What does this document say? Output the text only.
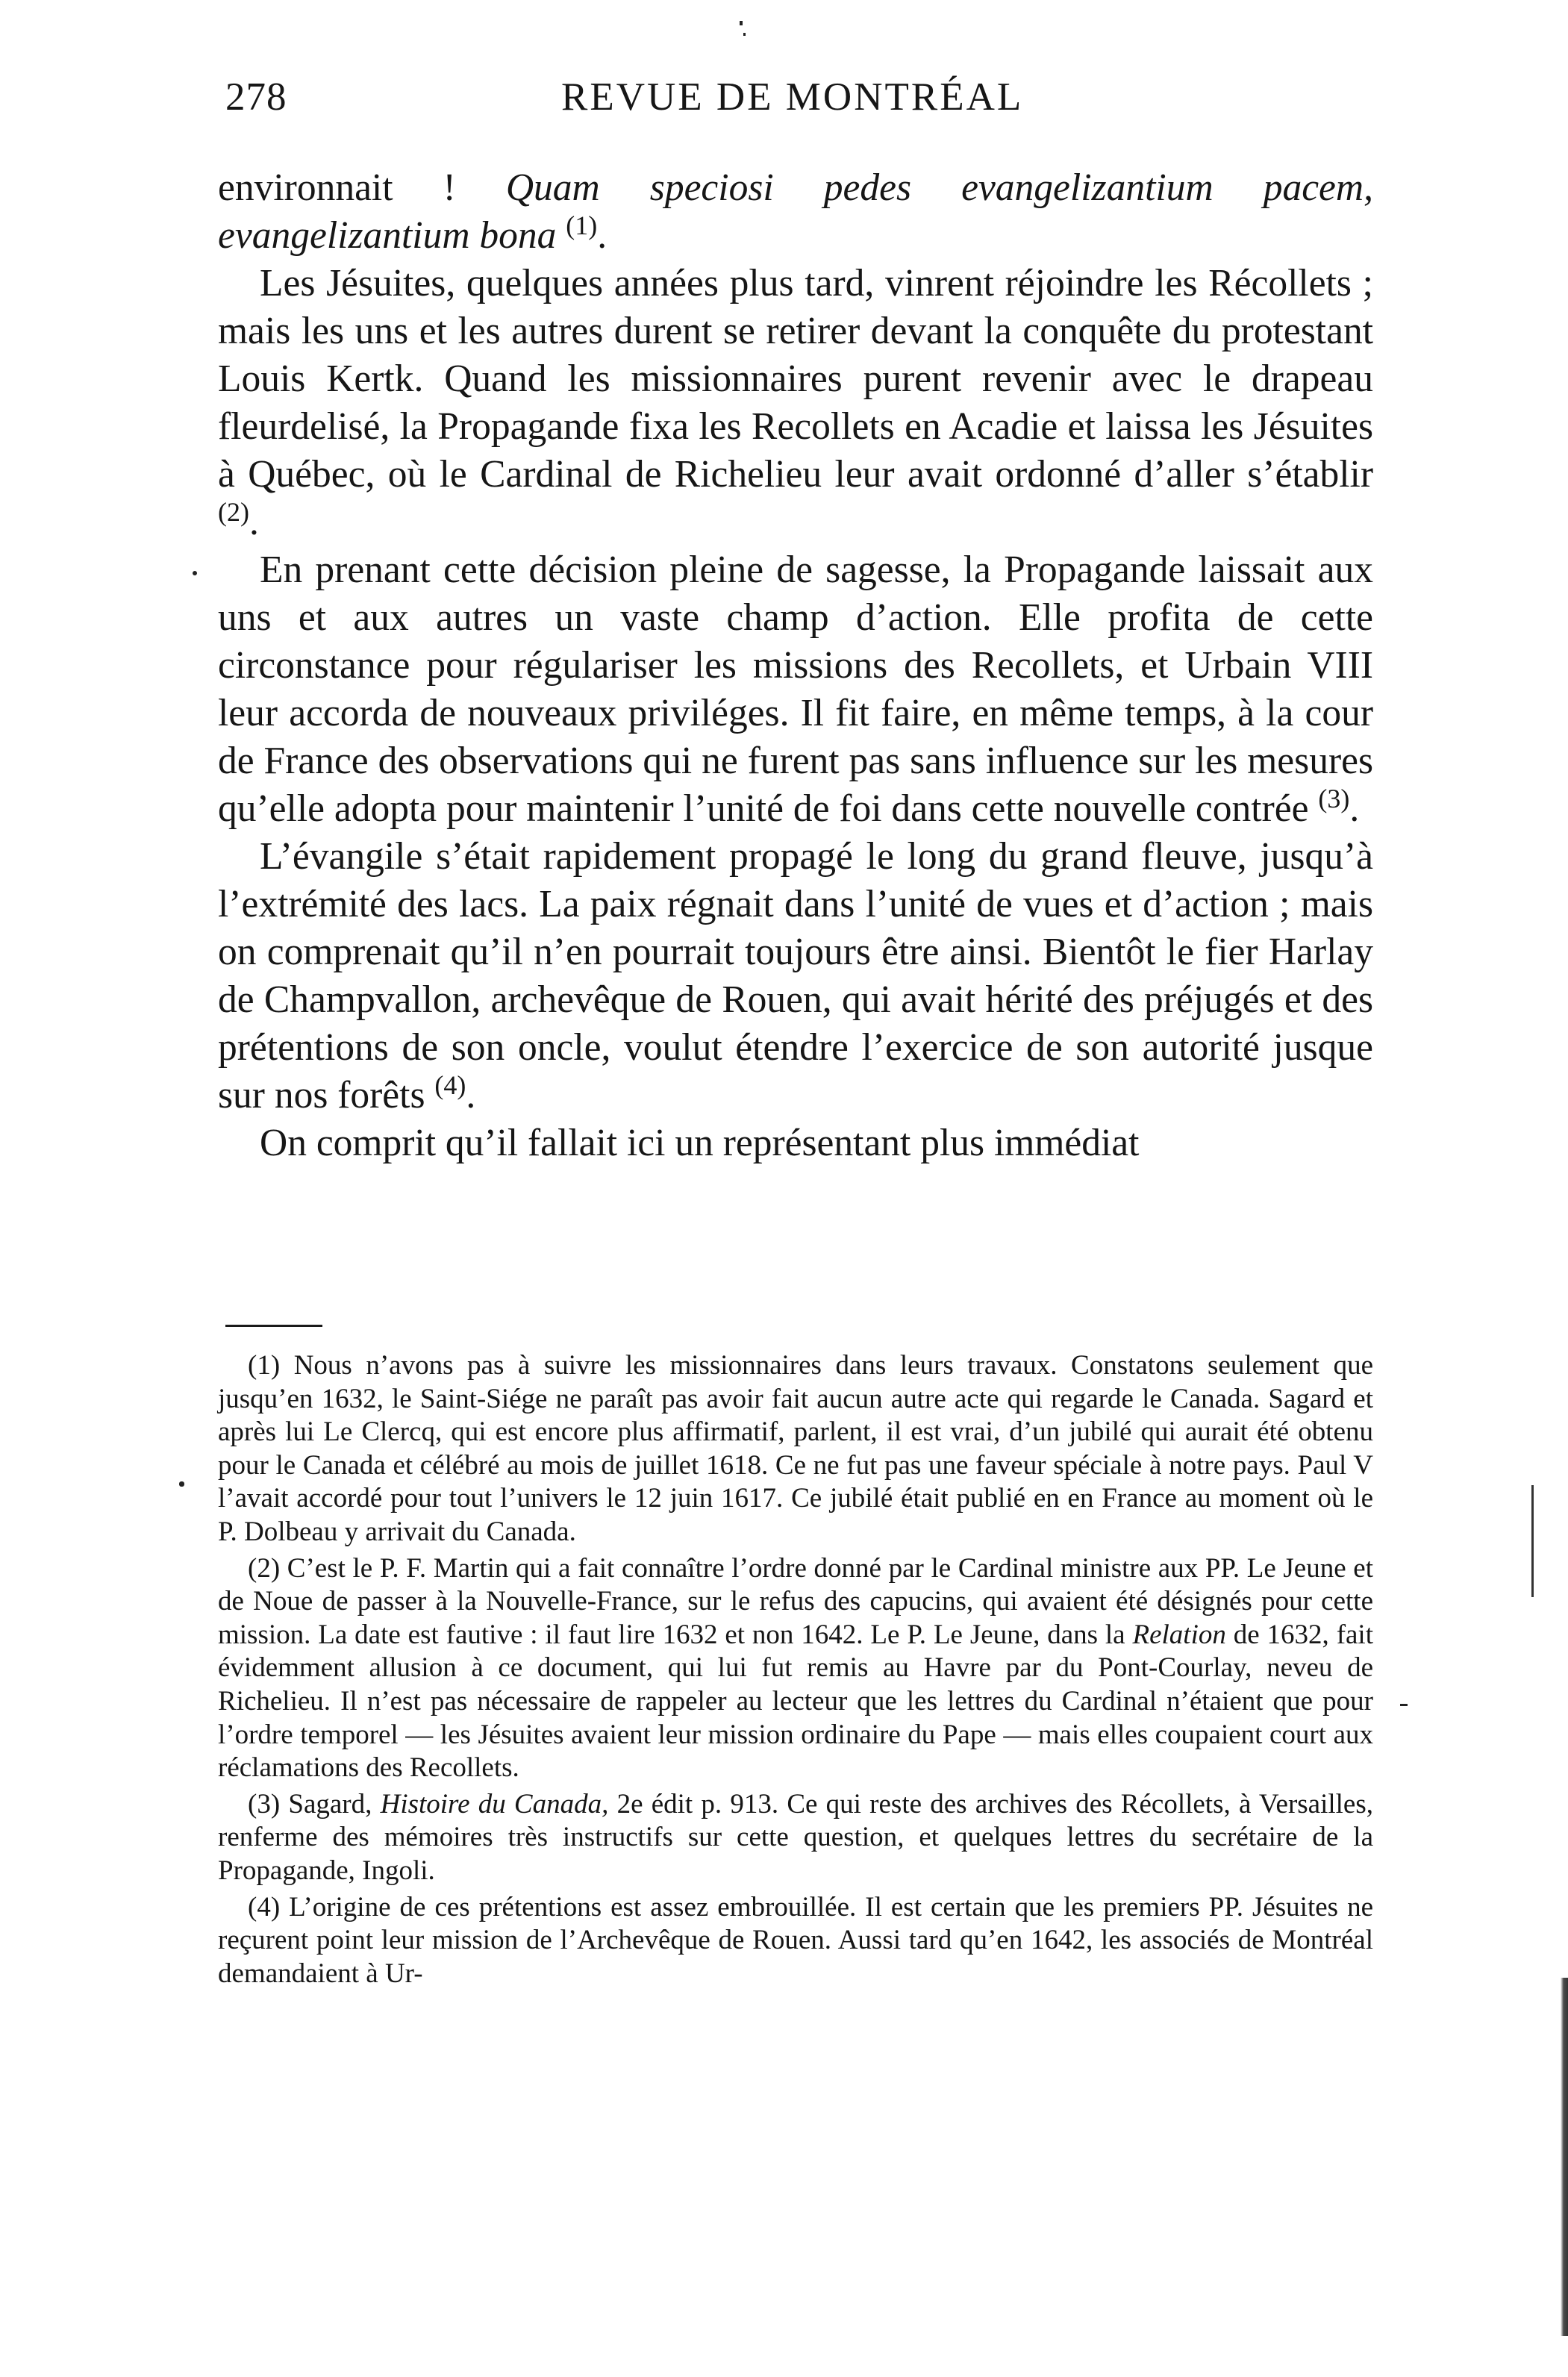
278	REVUE DE MONTRÉAL

environnait ! Quam speciosi pedes evangelizantium pacem, evangelizantium bona $^{(1)}$.

Les Jésuites, quelques années plus tard, vinrent réjoindre les Récollets ; mais les uns et les autres durent se retirer devant la conquête du protestant Louis Kertk. Quand les missionnaires purent revenir avec le drapeau fleurdelisé, la Propagande fixa les Recollets en Acadie et laissa les Jésuites à Québec, où le Cardinal de Richelieu leur avait ordonné d’aller s’établir $^{(2)}$.

En prenant cette décision pleine de sagesse, la Propagande laissait aux uns et aux autres un vaste champ d’action. Elle profita de cette circonstance pour régulariser les missions des Recollets, et Urbain VIII leur accorda de nouveaux priviléges. Il fit faire, en même temps, à la cour de France des observations qui ne furent pas sans influence sur les mesures qu’elle adopta pour maintenir l’unité de foi dans cette nouvelle contrée $^{(3)}$.

L’évangile s’était rapidement propagé le long du grand fleuve, jusqu’à l’extrémité des lacs. La paix régnait dans l’unité de vues et d’action ; mais on comprenait qu’il n’en pourrait toujours être ainsi. Bientôt le fier Harlay de Champvallon, archevêque de Rouen, qui avait hérité des préjugés et des prétentions de son oncle, voulut étendre l’exercice de son autorité jusque sur nos forêts $^{(4)}$.

On comprit qu’il fallait ici un représentant plus immédiat

(1) Nous n’avons pas à suivre les missionnaires dans leurs travaux. Constatons seulement que jusqu’en 1632, le Saint-Siége ne paraît pas avoir fait aucun autre acte qui regarde le Canada. Sagard et après lui Le Clercq, qui est encore plus affirmatif, parlent, il est vrai, d’un jubilé qui aurait été obtenu pour le Canada et célébré au mois de juillet 1618. Ce ne fut pas une faveur spéciale à notre pays. Paul V l’avait accordé pour tout l’univers le 12 juin 1617. Ce jubilé était publié en en France au moment où le P. Dolbeau y arrivait du Canada.

(2) C’est le P. F. Martin qui a fait connaître l’ordre donné par le Cardinal ministre aux PP. Le Jeune et de Noue de passer à la Nouvelle-France, sur le refus des capucins, qui avaient été désignés pour cette mission. La date est fautive : il faut lire 1632 et non 1642. Le P. Le Jeune, dans la Relation de 1632, fait évidemment allusion à ce document, qui lui fut remis au Havre par du Pont-Courlay, neveu de Richelieu. Il n’est pas nécessaire de rappeler au lecteur que les lettres du Cardinal n’étaient que pour l’ordre temporel — les Jésuites avaient leur mission ordinaire du Pape — mais elles coupaient court aux réclamations des Recollets.

(3) Sagard, Histoire du Canada, 2e édit p. 913. Ce qui reste des archives des Récollets, à Versailles, renferme des mémoires très instructifs sur cette question, et quelques lettres du secrétaire de la Propagande, Ingoli.

(4) L’origine de ces prétentions est assez embrouillée. Il est certain que les premiers PP. Jésuites ne reçurent point leur mission de l’Archevêque de Rouen. Aussi tard qu’en 1642, les associés de Montréal demandaient à Ur-
